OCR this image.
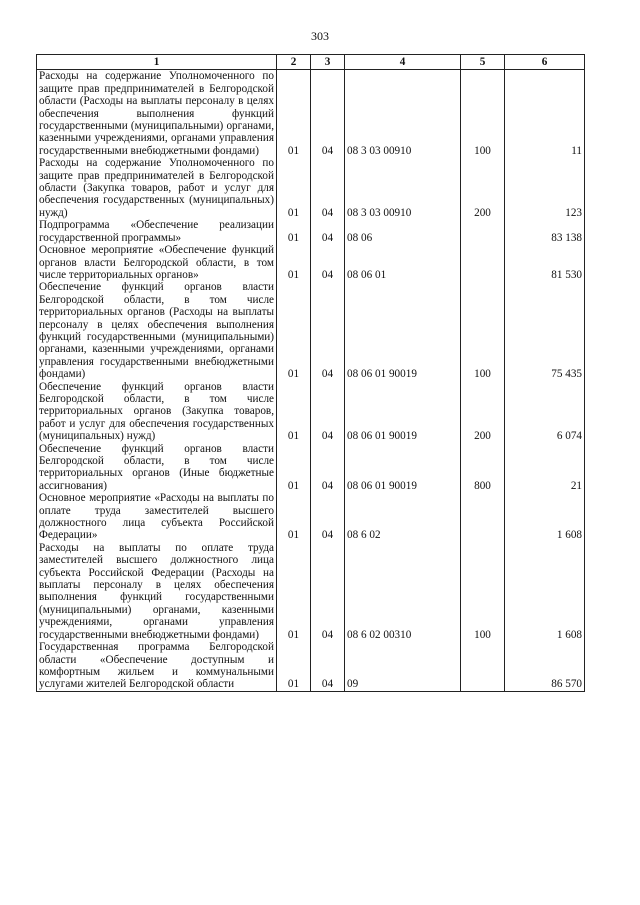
303
1	2	3	4	5	6
Расходы на содержание Уполномоченного по защите прав предпринимателей в Белгородской области (Расходы на выплаты персоналу в целях обеспечения выполнения функций государственными (муниципальными) органами, казенными учреждениями, органами управления государственными внебюджетными фондами)	01	04	08 3 03 00910	100	11
Расходы на содержание Уполномоченного по защите прав предпринимателей в Белгородской области (Закупка товаров, работ и услуг для обеспечения государственных (муниципальных) нужд)	01	04	08 3 03 00910	200	123
Подпрограмма «Обеспечение реализации государственной программы»	01	04	08 06		83 138
Основное мероприятие «Обеспечение функций органов власти Белгородской области, в том числе территориальных органов»	01	04	08 06 01		81 530
Обеспечение функций органов власти Белгородской области, в том числе территориальных органов (Расходы на выплаты персоналу в целях обеспечения выполнения функций государственными (муниципальными) органами, казенными учреждениями, органами управления государственными внебюджетными фондами)	01	04	08 06 01 90019	100	75 435
Обеспечение функций органов власти Белгородской области, в том числе территориальных органов (Закупка товаров, работ и услуг для обеспечения государственных (муниципальных) нужд)	01	04	08 06 01 90019	200	6 074
Обеспечение функций органов власти Белгородской области, в том числе территориальных органов (Иные бюджетные ассигнования)	01	04	08 06 01 90019	800	21
Основное мероприятие «Расходы на выплаты по оплате труда заместителей высшего должностного лица субъекта Российской Федерации»	01	04	08 6 02		1 608
Расходы на выплаты по оплате труда заместителей высшего должностного лица субъекта Российской Федерации (Расходы на выплаты персоналу в целях обеспечения выполнения функций государственными (муниципальными) органами, казенными учреждениями, органами управления государственными внебюджетными фондами)	01	04	08 6 02 00310	100	1 608
Государственная программа Белгородской области «Обеспечение доступным и комфортным жильем и коммунальными услугами жителей Белгородской области	01	04	09		86 570
